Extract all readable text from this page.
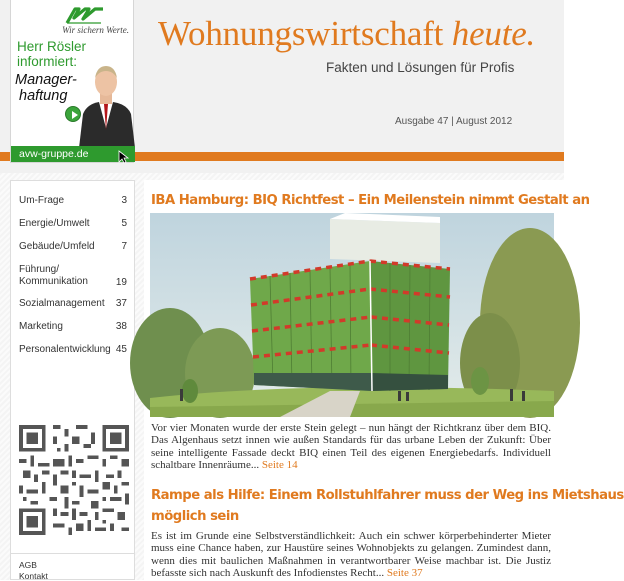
Wohnungswirtschaft heute.
Fakten und Lösungen für Profis
Ausgabe 47 | August 2012
Wir sichern Werte.
Herr Rösler
informiert:
Manager-
haftung
avw-gruppe.de
Um-Frage	3
Energie/Umwelt	5
Gebäude/Umfeld	7
Führung/
Kommunikation	19
Sozialmanagement	37
Marketing	38
Personalentwicklung 45
AGB
Kontakt
IBA Hamburg: BIQ Richtfest – Ein Meilenstein nimmt Gestalt an
Vor vier Monaten wurde der erste Stein gelegt – nun hängt der Richtkranz über dem BIQ. Das Algenhaus setzt innen wie außen Standards für das urbane Leben der Zukunft: Über seine intelligente Fassade deckt BIQ einen Teil des eigenen Energiebedarfs. Individuell schaltbare Innenräume... Seite 14
Rampe als Hilfe: Einem Rollstuhlfahrer muss der Weg ins Mietshaus
möglich sein
Es ist im Grunde eine Selbstverständlichkeit: Auch ein schwer körperbehinderter Mieter muss eine Chance haben, zur Haustüre seines Wohnobjekts zu gelangen. Zumindest dann, wenn dies mit baulichen Maßnahmen in verantwortbarer Weise machbar ist. Die Justiz befasste sich nach Auskunft des Infodienstes Recht... Seite 37
